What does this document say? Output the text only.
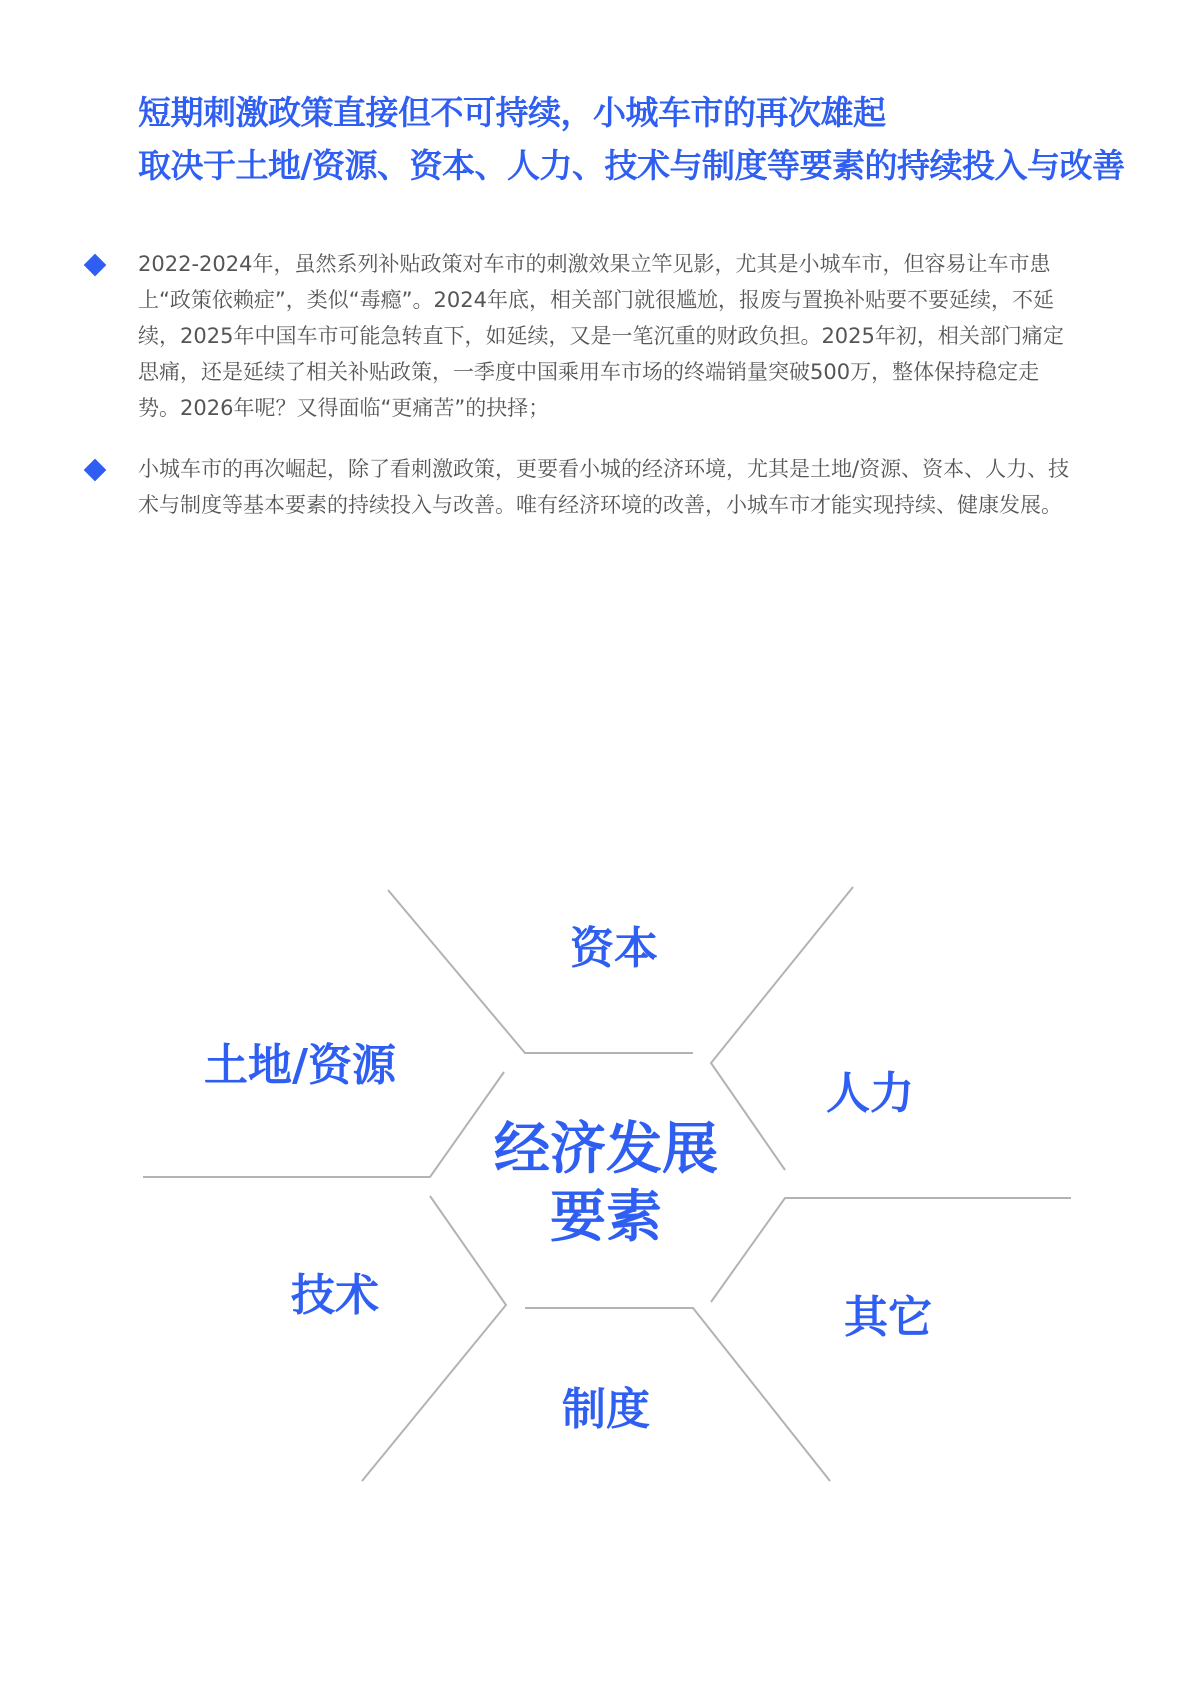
短期刺激政策直接但不可持续，小城车市的再次雄起
取决于土地/资源、资本、人力、技术与制度等要素的持续投入与改善
2022-2024年，虽然系列补贴政策对车市的刺激效果立竿见影，尤其是小城车市，但容易让车市患上“政策依赖症”，类似“毒瘾”。2024年底，相关部门就很尴尬，报废与置换补贴要不要延续，不延续，2025年中国车市可能急转直下，如延续，又是一笔沉重的财政负担。2025年初，相关部门痛定思痛，还是延续了相关补贴政策，一季度中国乘用车市场的终端销量突破500万，整体保持稳定走势。2026年呢？又得面临“更痛苦”的抉择；
小城车市的再次崛起，除了看刺激政策，更要看小城的经济环境，尤其是土地/资源、资本、人力、技术与制度等基本要素的持续投入与改善。唯有经济环境的改善，小城车市才能实现持续、健康发展。
资本
土地/资源
人力
经济发展
要素
技术	其它
制度
